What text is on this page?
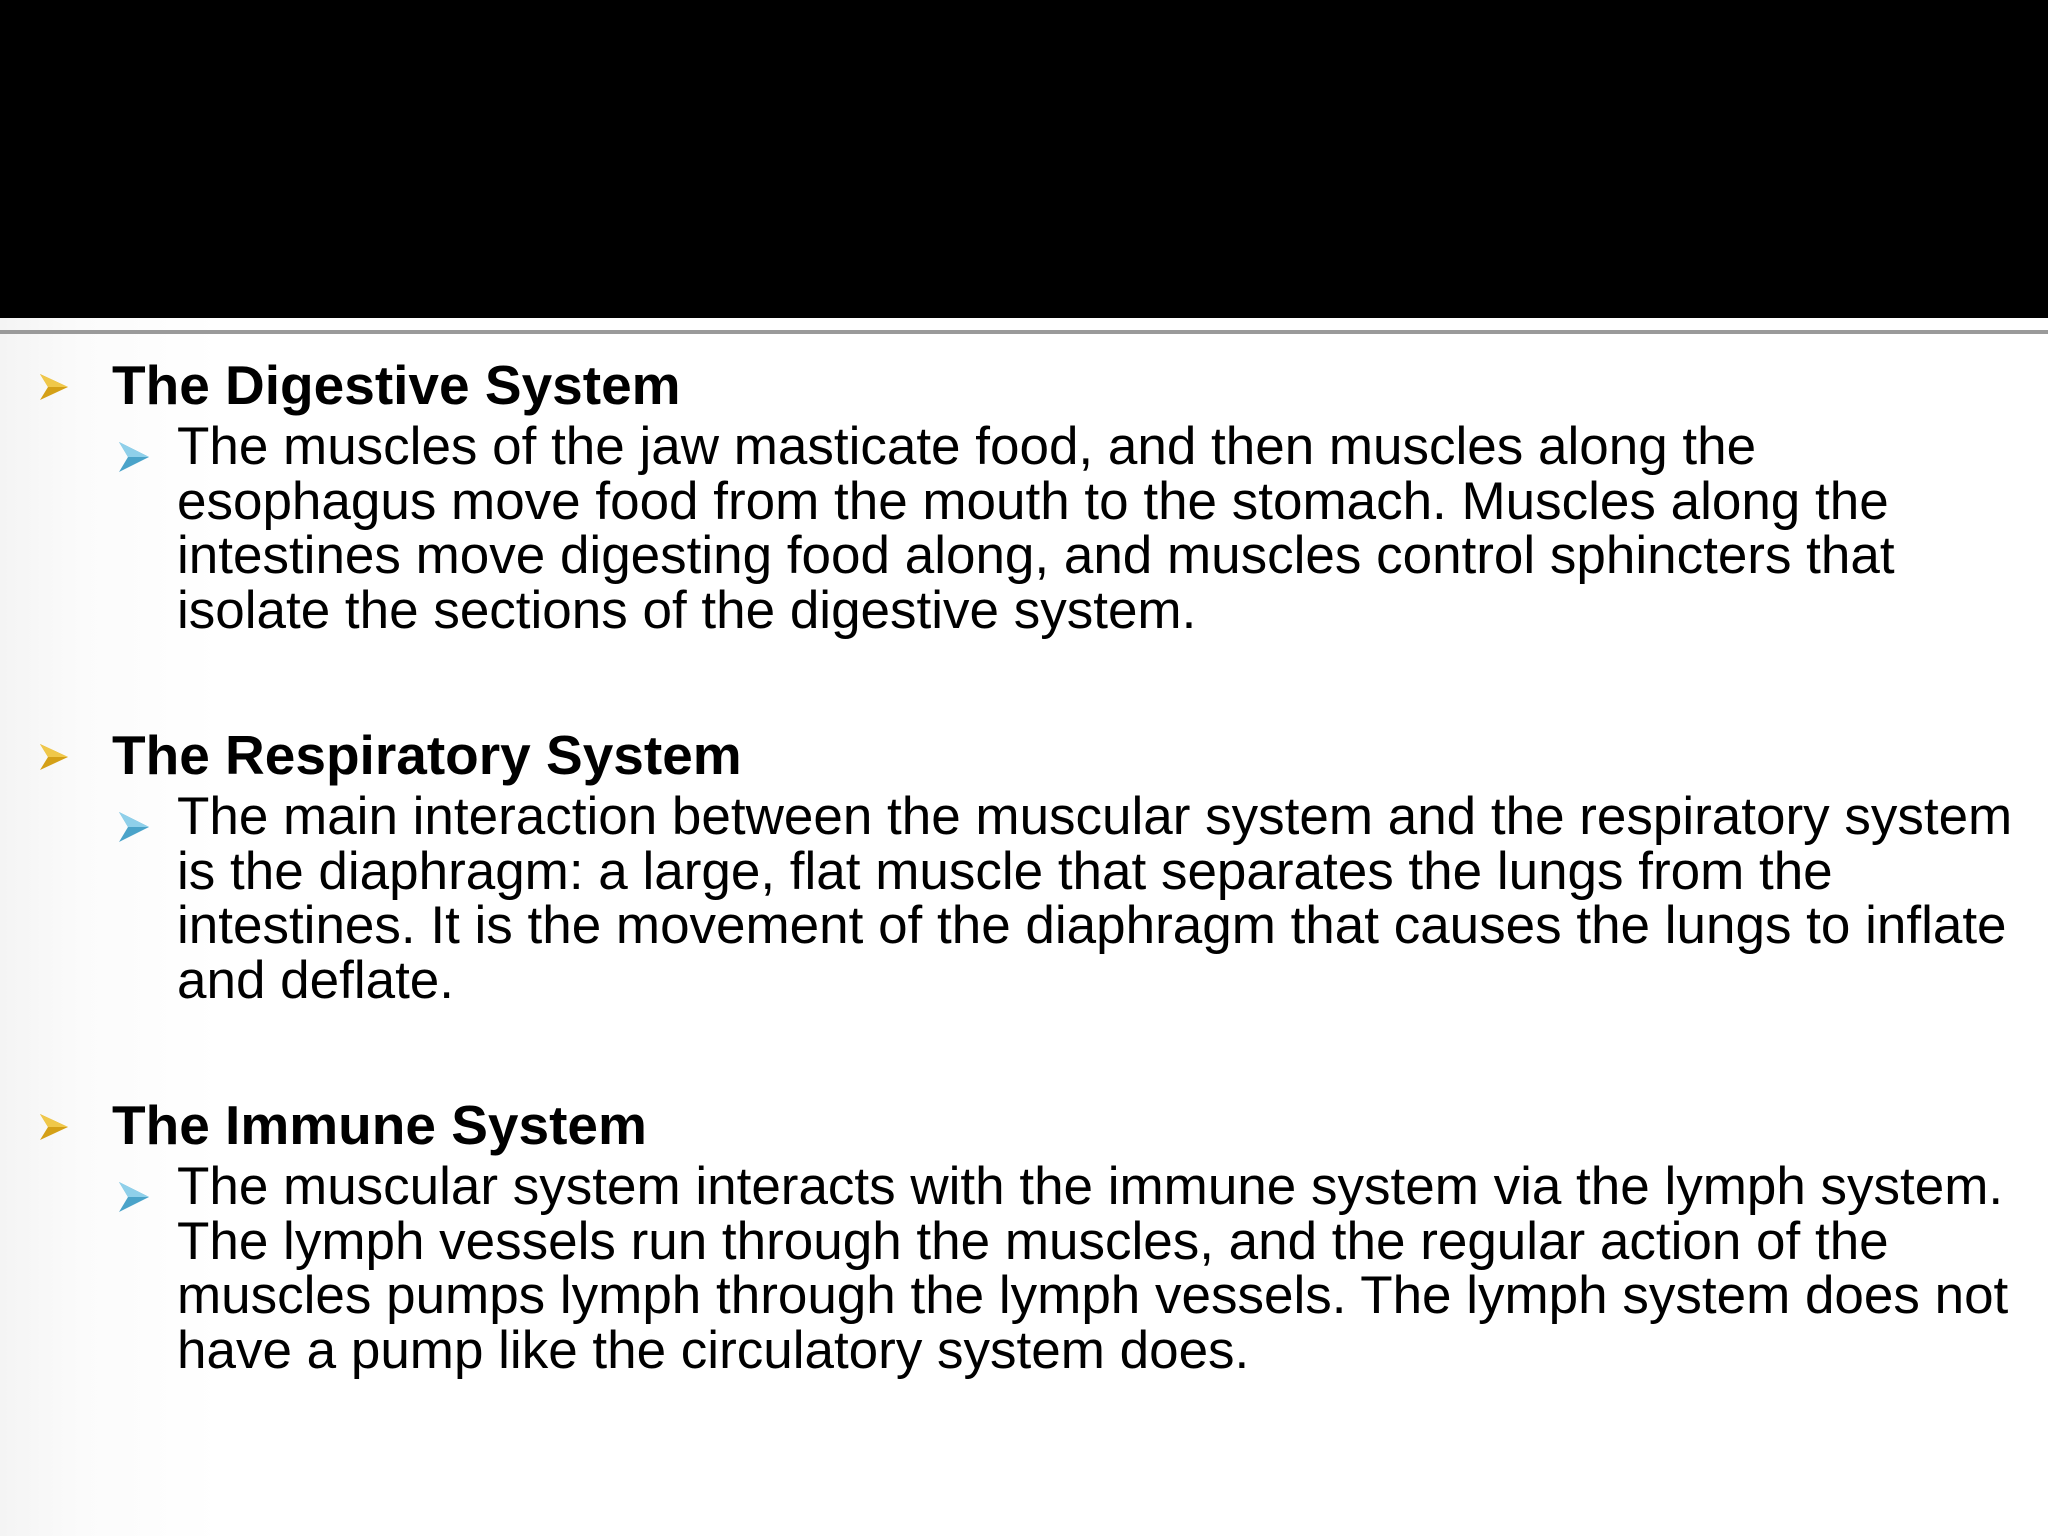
The Digestive System

The muscles of the jaw masticate food, and then muscles along the esophagus move food from the mouth to the stomach. Muscles along the intestines move digesting food along, and muscles control sphincters that isolate the sections of the digestive system.

The Respiratory System

The main interaction between the muscular system and the respiratory system is the diaphragm: a large, flat muscle that separates the lungs from the intestines. It is the movement of the diaphragm that causes the lungs to inflate and deflate.

The Immune System

The muscular system interacts with the immune system via the lymph system. The lymph vessels run through the muscles, and the regular action of the muscles pumps lymph through the lymph vessels. The lymph system does not have a pump like the circulatory system does.
